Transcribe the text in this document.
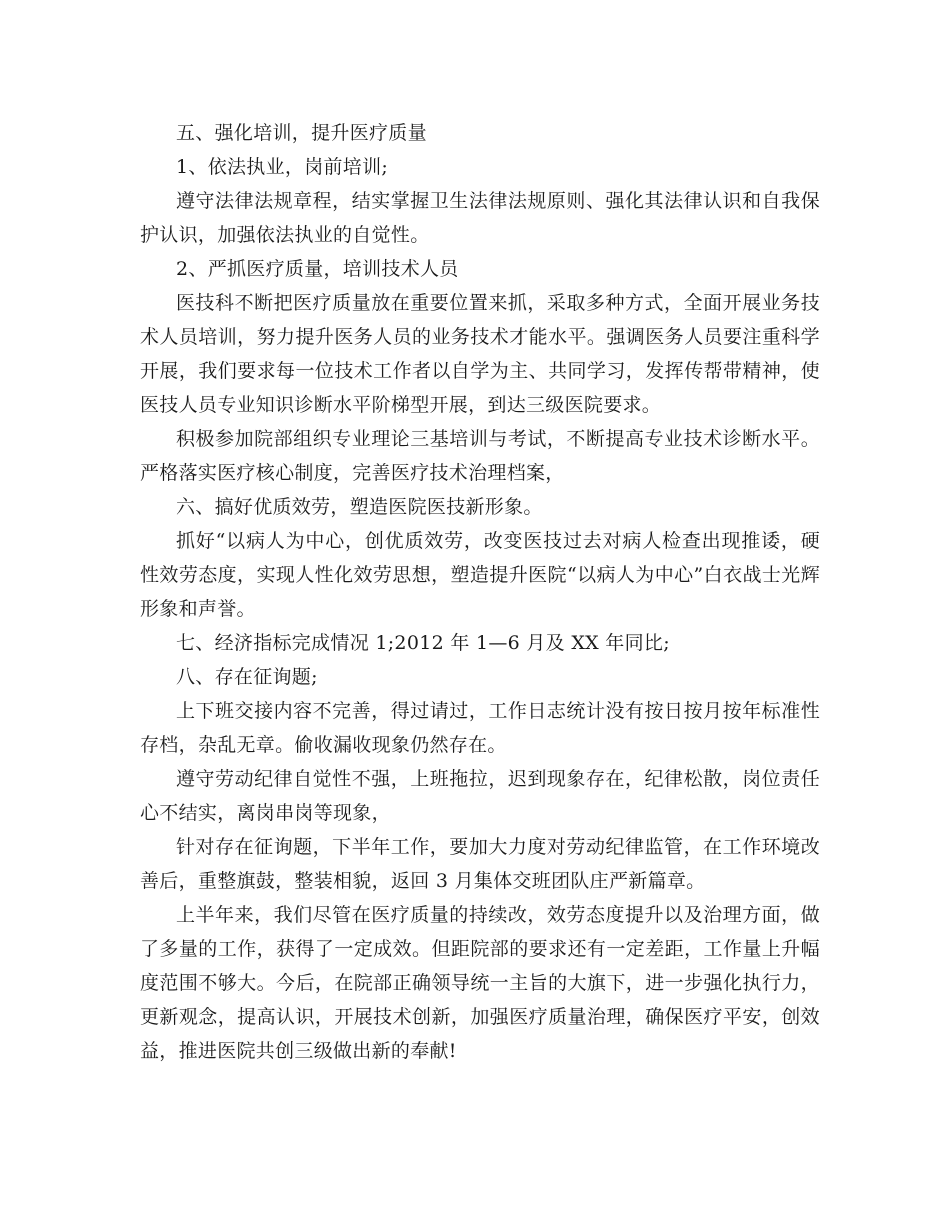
五、强化培训，提升医疗质量

1、依法执业，岗前培训;

遵守法律法规章程，结实掌握卫生法律法规原则、强化其法律认识和自我保护认识，加强依法执业的自觉性。

2、严抓医疗质量，培训技术人员

医技科不断把医疗质量放在重要位置来抓，采取多种方式，全面开展业务技术人员培训，努力提升医务人员的业务技术才能水平。强调医务人员要注重科学开展，我们要求每一位技术工作者以自学为主、共同学习，发挥传帮带精神，使医技人员专业知识诊断水平阶梯型开展，到达三级医院要求。

积极参加院部组织专业理论三基培训与考试，不断提高专业技术诊断水平。严格落实医疗核心制度，完善医疗技术治理档案，

六、搞好优质效劳，塑造医院医技新形象。

抓好“以病人为中心，创优质效劳，改变医技过去对病人检查出现推诿，硬性效劳态度，实现人性化效劳思想，塑造提升医院“以病人为中心”白衣战士光辉形象和声誉。

七、经济指标完成情况 1;2012 年 1—6 月及 XX 年同比;

八、存在征询题;

上下班交接内容不完善，得过请过，工作日志统计没有按日按月按年标准性存档，杂乱无章。偷收漏收现象仍然存在。

遵守劳动纪律自觉性不强，上班拖拉，迟到现象存在，纪律松散，岗位责任心不结实，离岗串岗等现象，

针对存在征询题，下半年工作，要加大力度对劳动纪律监管，在工作环境改善后，重整旗鼓，整装相貌，返回 3 月集体交班团队庄严新篇章。

上半年来，我们尽管在医疗质量的持续改，效劳态度提升以及治理方面，做了多量的工作，获得了一定成效。但距院部的要求还有一定差距，工作量上升幅度范围不够大。今后，在院部正确领导统一主旨的大旗下，进一步强化执行力，更新观念，提高认识，开展技术创新，加强医疗质量治理，确保医疗平安，创效益，推进医院共创三级做出新的奉献!
